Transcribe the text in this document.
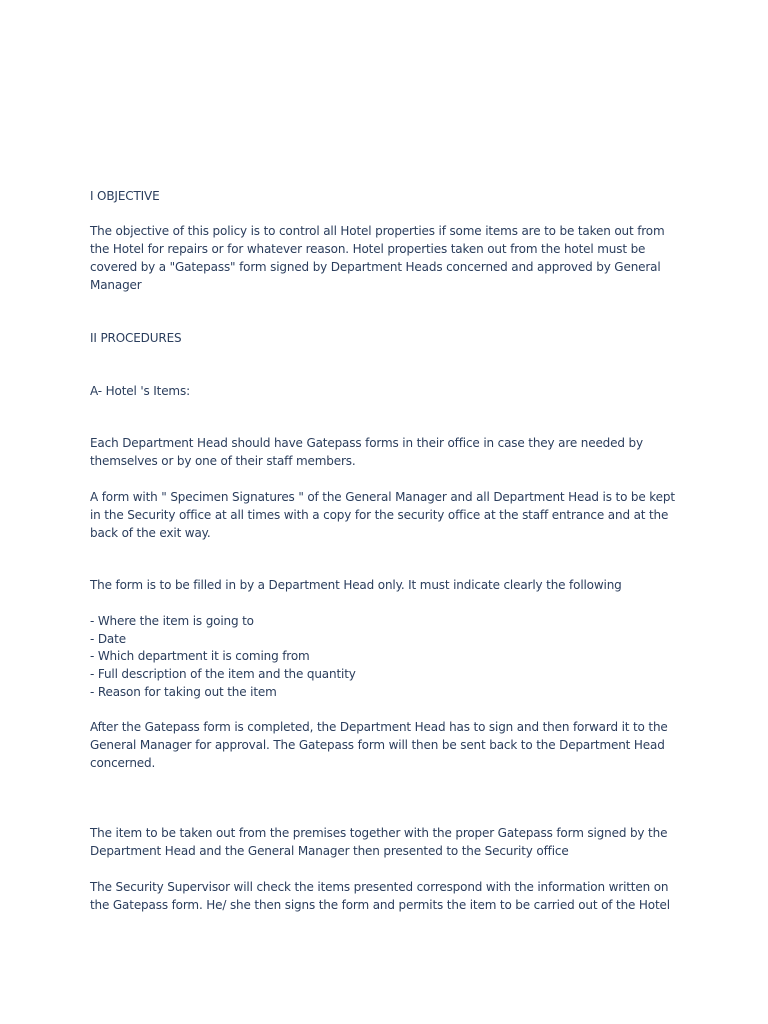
I OBJECTIVE
The objective of this policy is to control all Hotel properties if some items are to be taken out from
the Hotel for repairs or for whatever reason. Hotel properties taken out from the hotel must be
covered by a "Gatepass" form signed by Department Heads concerned and approved by General
Manager
II PROCEDURES
A- Hotel 's Items:
Each Department Head should have Gatepass forms in their office in case they are needed by
themselves or by one of their staff members.
A form with " Specimen Signatures " of the General Manager and all Department Head is to be kept
in the Security office at all times with a copy for the security office at the staff entrance and at the
back of the exit way.
The form is to be filled in by a Department Head only. It must indicate clearly the following
- Where the item is going to
- Date
- Which department it is coming from
- Full description of the item and the quantity
- Reason for taking out the item
After the Gatepass form is completed, the Department Head has to sign and then forward it to the
General Manager for approval. The Gatepass form will then be sent back to the Department Head
concerned.
The item to be taken out from the premises together with the proper Gatepass form signed by the
Department Head and the General Manager then presented to the Security office
The Security Supervisor will check the items presented correspond with the information written on
the Gatepass form. He/ she then signs the form and permits the item to be carried out of the Hotel
